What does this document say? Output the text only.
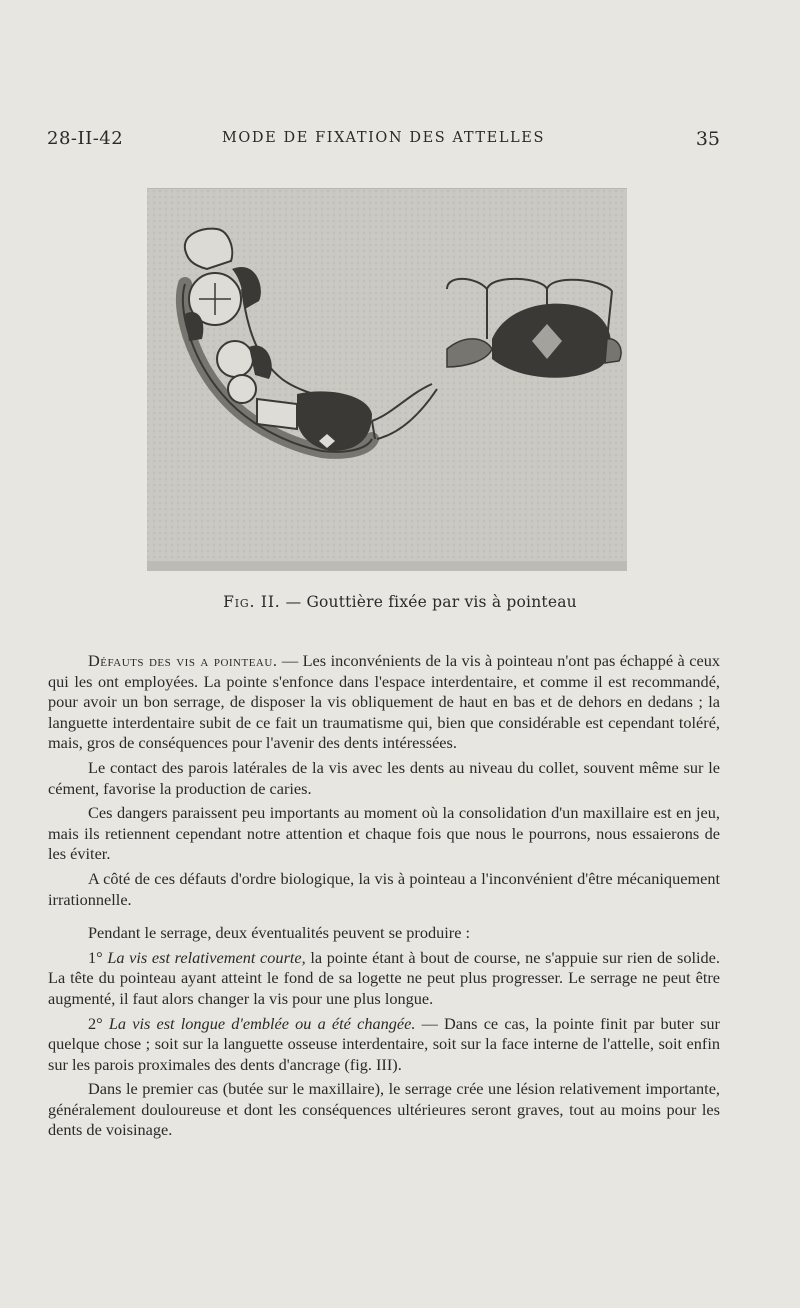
28-II-42	MODE DE FIXATION DES ATTELLES	35
Fig. II. — Gouttière fixée par vis à pointeau

Défauts des vis a pointeau. — Les inconvénients de la vis à pointeau n'ont pas échappé à ceux qui les ont employées. La pointe s'enfonce dans l'espace interdentaire, et comme il est recommandé, pour avoir un bon serrage, de disposer la vis obliquement de haut en bas et de dehors en dedans ; la languette interdentaire subit de ce fait un traumatisme qui, bien que considérable est cependant toléré, mais, gros de conséquences pour l'avenir des dents intéressées.

Le contact des parois latérales de la vis avec les dents au niveau du collet, souvent même sur le cément, favorise la production de caries.

Ces dangers paraissent peu importants au moment où la consolidation d'un maxillaire est en jeu, mais ils retiennent cependant notre attention et chaque fois que nous le pourrons, nous essaierons de les éviter.

A côté de ces défauts d'ordre biologique, la vis à pointeau a l'inconvénient d'être mécaniquement irrationnelle.

Pendant le serrage, deux éventualités peuvent se produire :

1° La vis est relativement courte, la pointe étant à bout de course, ne s'appuie sur rien de solide. La tête du pointeau ayant atteint le fond de sa logette ne peut plus progresser. Le serrage ne peut être augmenté, il faut alors changer la vis pour une plus longue.

2° La vis est longue d'emblée ou a été changée. — Dans ce cas, la pointe finit par buter sur quelque chose ; soit sur la languette osseuse interdentaire, soit sur la face interne de l'attelle, soit enfin sur les parois proximales des dents d'ancrage (fig. III).

Dans le premier cas (butée sur le maxillaire), le serrage crée une lésion relativement importante, généralement douloureuse et dont les conséquences ultérieures seront graves, tout au moins pour les dents de voisinage.
